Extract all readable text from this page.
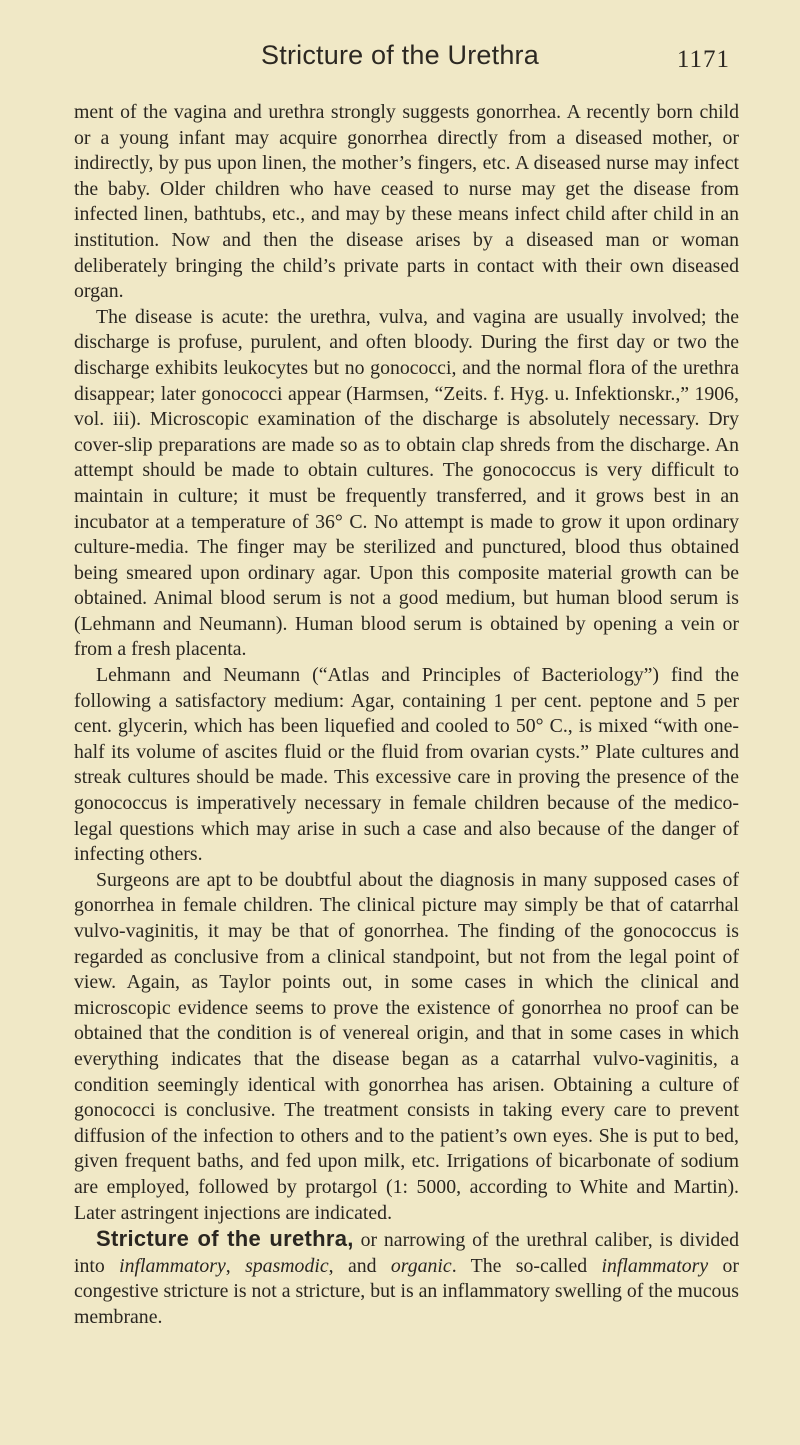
Stricture of the Urethra	1171

ment of the vagina and urethra strongly suggests gonorrhea. A recently born child or a young infant may acquire gonorrhea directly from a diseased mother, or indirectly, by pus upon linen, the mother’s fingers, etc. A diseased nurse may infect the baby. Older children who have ceased to nurse may get the disease from infected linen, bathtubs, etc., and may by these means infect child after child in an institution. Now and then the disease arises by a diseased man or woman deliberately bringing the child’s private parts in contact with their own diseased organ.

The disease is acute: the urethra, vulva, and vagina are usually involved; the discharge is profuse, purulent, and often bloody. During the first day or two the discharge exhibits leukocytes but no gonococci, and the normal flora of the urethra disappear; later gonococci appear (Harmsen, “Zeits. f. Hyg. u. Infektionskr.,” 1906, vol. iii). Microscopic examination of the discharge is absolutely necessary. Dry cover-slip preparations are made so as to obtain clap shreds from the discharge. An attempt should be made to obtain cultures. The gonococcus is very difficult to maintain in culture; it must be frequently transferred, and it grows best in an incubator at a temperature of 36° C. No attempt is made to grow it upon ordinary culture-media. The finger may be sterilized and punctured, blood thus obtained being smeared upon ordinary agar. Upon this composite material growth can be obtained. Animal blood serum is not a good medium, but human blood serum is (Lehmann and Neumann). Human blood serum is obtained by opening a vein or from a fresh placenta.

Lehmann and Neumann (“Atlas and Principles of Bacteriology”) find the following a satisfactory medium: Agar, containing 1 per cent. peptone and 5 per cent. glycerin, which has been liquefied and cooled to 50° C., is mixed “with one-half its volume of ascites fluid or the fluid from ovarian cysts.” Plate cultures and streak cultures should be made. This excessive care in proving the presence of the gonococcus is imperatively necessary in female children because of the medico-legal questions which may arise in such a case and also because of the danger of infecting others.

Surgeons are apt to be doubtful about the diagnosis in many supposed cases of gonorrhea in female children. The clinical picture may simply be that of catarrhal vulvo-vaginitis, it may be that of gonorrhea. The finding of the gonococcus is regarded as conclusive from a clinical standpoint, but not from the legal point of view. Again, as Taylor points out, in some cases in which the clinical and microscopic evidence seems to prove the existence of gonorrhea no proof can be obtained that the condition is of venereal origin, and that in some cases in which everything indicates that the disease began as a catarrhal vulvo-vaginitis, a condition seemingly identical with gonorrhea has arisen. Obtaining a culture of gonococci is conclusive. The treatment consists in taking every care to prevent diffusion of the infection to others and to the patient’s own eyes. She is put to bed, given frequent baths, and fed upon milk, etc. Irrigations of bicarbonate of sodium are employed, followed by protargol (1: 5000, according to White and Martin). Later astringent injections are indicated.

Stricture of the urethra, or narrowing of the urethral caliber, is divided into inflammatory, spasmodic, and organic. The so-called inflammatory or congestive stricture is not a stricture, but is an inflammatory swelling of the mucous membrane.
